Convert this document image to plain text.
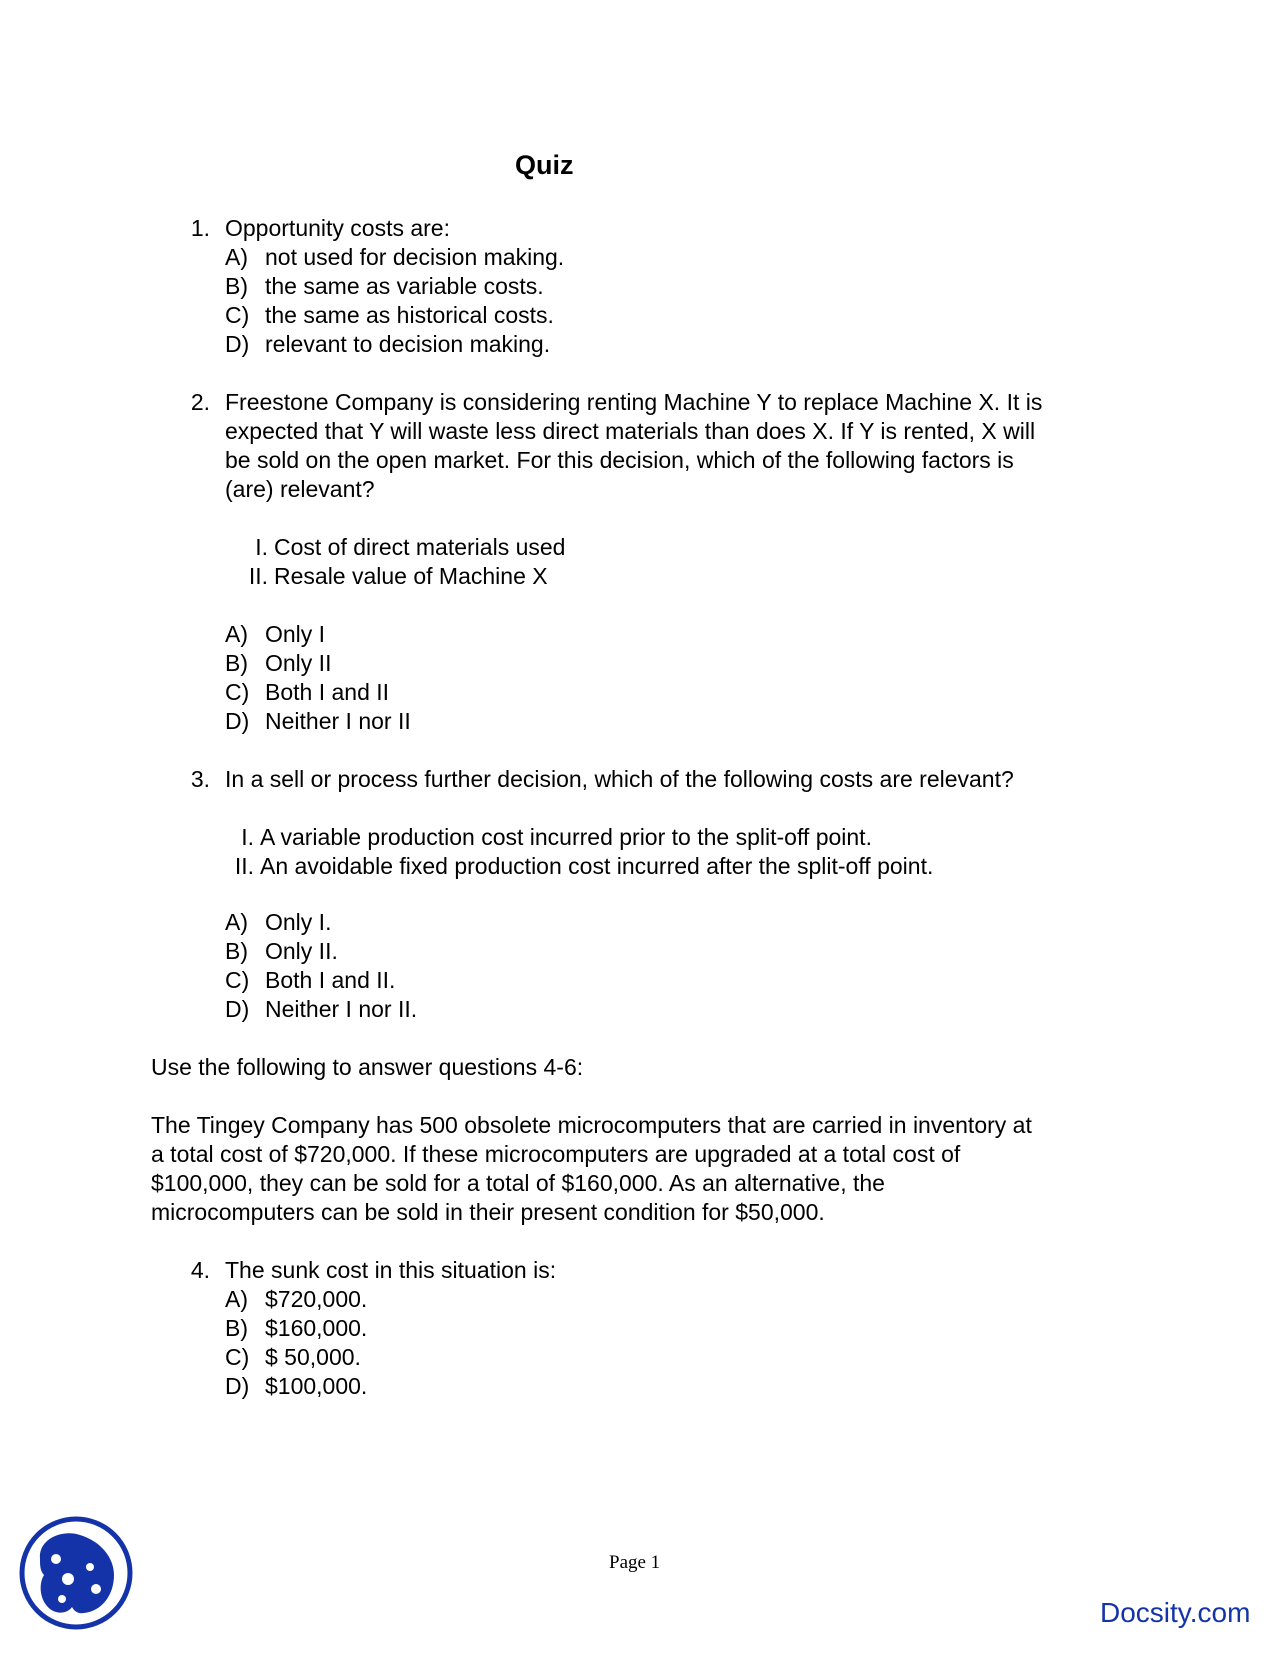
Quiz
1. Opportunity costs are:
A) not used for decision making.
B) the same as variable costs.
C) the same as historical costs.
D) relevant to decision making.
2. Freestone Company is considering renting Machine Y to replace Machine X. It is
expected that Y will waste less direct materials than does X. If Y is rented, X will
be sold on the open market. For this decision, which of the following factors is
(are) relevant?
I. Cost of direct materials used
II. Resale value of Machine X
A) Only I
B) Only II
C) Both I and II
D) Neither I nor II
3. In a sell or process further decision, which of the following costs are relevant?
I. A variable production cost incurred prior to the split-off point.
II. An avoidable fixed production cost incurred after the split-off point.
A) Only I.
B) Only II.
C) Both I and II.
D) Neither I nor II.
Use the following to answer questions 4-6:
The Tingey Company has 500 obsolete microcomputers that are carried in inventory at
a total cost of $720,000. If these microcomputers are upgraded at a total cost of
$100,000, they can be sold for a total of $160,000. As an alternative, the
microcomputers can be sold in their present condition for $50,000.
4. The sunk cost in this situation is:
A) $720,000.
B) $160,000.
C) $ 50,000.
D) $100,000.
Page 1
Docsity.com
